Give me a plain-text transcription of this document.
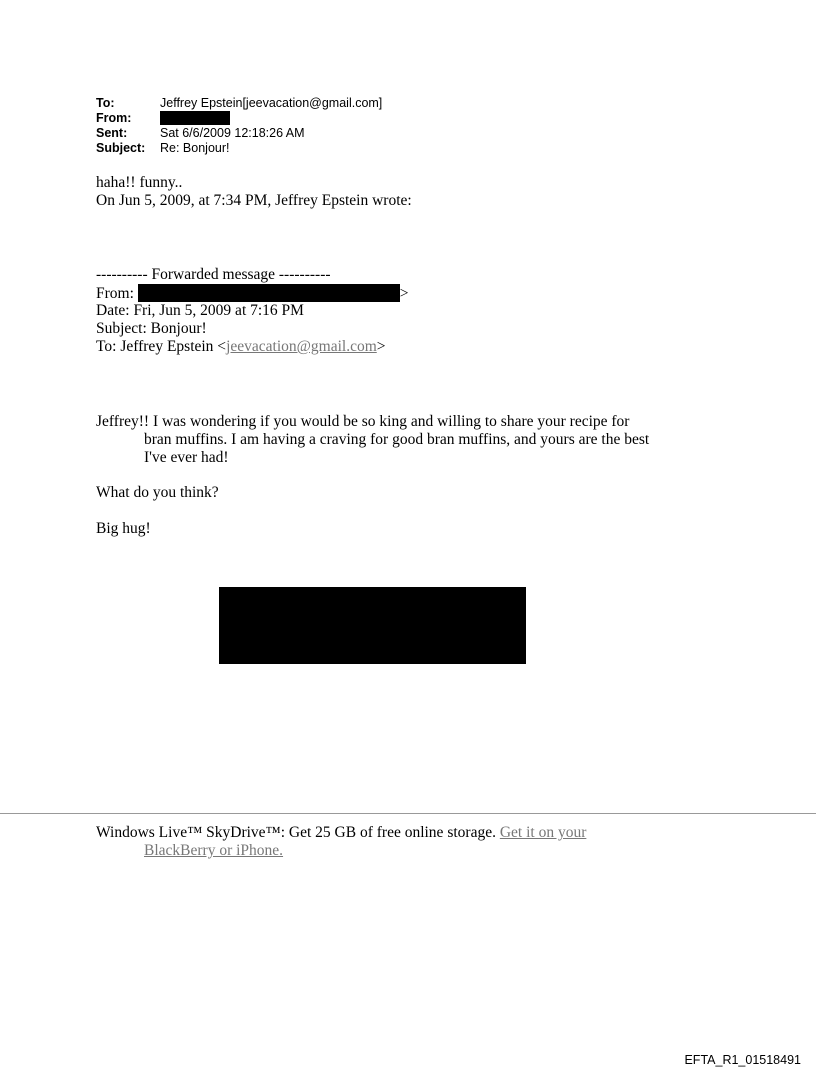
To:	Jeffrey Epstein[jeevacation@gmail.com]
From:
Sent:	Sat 6/6/2009 12:18:26 AM
Subject:	Re: Bonjour!
haha!! funny..
On Jun 5, 2009, at 7:34 PM, Jeffrey Epstein wrote:
---------- Forwarded message ----------
From:	>
Date: Fri, Jun 5, 2009 at 7:16 PM
Subject: Bonjour!
To: Jeffrey Epstein <jeevacation@gmail.com>
Jeffrey!! I was wondering if you would be so king and willing to share your recipe for
bran muffins. I am having a craving for good bran muffins, and yours are the best
I've ever had!
What do you think?
Big hug!
Windows Live™ SkyDrive™: Get 25 GB of free online storage. Get it on your
BlackBerry or iPhone.
EFTA_R1_01518491
